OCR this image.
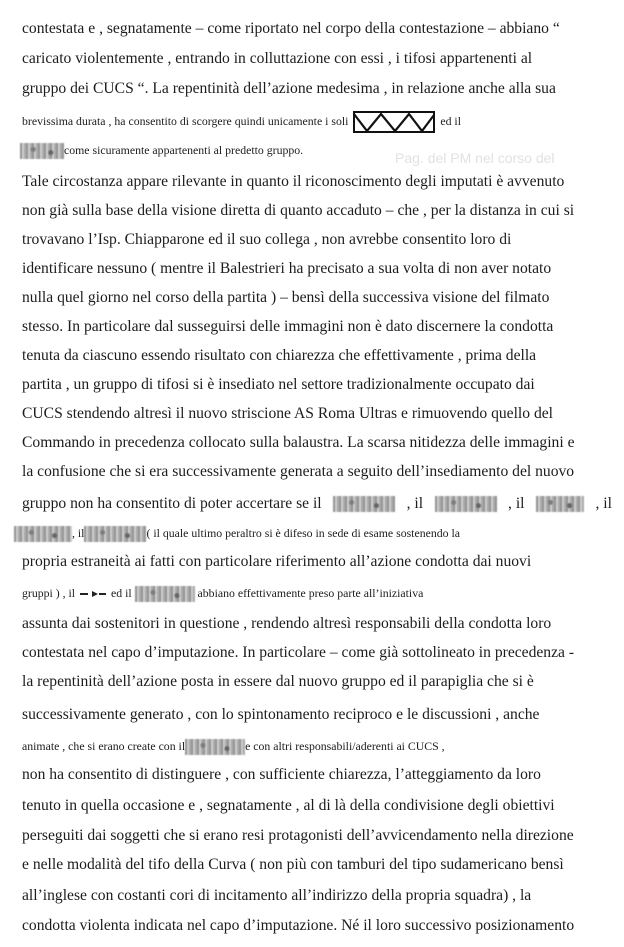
Pag. del PM nel corso del
contestata e , segnatamente – come riportato nel corpo della contestazione – abbiano “
caricato violentemente , entrando in colluttazione con essi , i tifosi appartenenti al
gruppo dei CUCS “. La repentinità dell’azione medesima , in relazione anche alla sua
brevissima durata , ha consentito di scorgere quindi unicamente i soli	ed il
come sicuramente appartenenti al predetto gruppo.
Tale circostanza appare rilevante in quanto il riconoscimento degli imputati è avvenuto
non già sulla base della visione diretta di quanto accaduto – che , per la distanza in cui si
trovavano l’Isp. Chiapparone ed il suo collega , non avrebbe consentito loro di
identificare nessuno ( mentre il Balestrieri ha precisato a sua volta di non aver notato
nulla quel giorno nel corso della partita ) – bensì della successiva visione del filmato
stesso. In particolare dal susseguirsi delle immagini non è dato discernere la condotta
tenuta da ciascuno essendo risultato con chiarezza che effettivamente , prima della
partita , un gruppo di tifosi si è insediato nel settore tradizionalmente occupato dai
CUCS stendendo altresì il nuovo striscione AS Roma Ultras e rimuovendo quello del
Commando in precedenza collocato sulla balaustra. La scarsa nitidezza delle immagini e
la confusione che si era successivamente generata a seguito dell’insediamento del nuovo
gruppo non ha consentito di poter accertare se il	, il	, il	, il
, il	( il quale ultimo peraltro si è difeso in sede di esame sostenendo la
propria estraneità ai fatti con particolare riferimento all’azione condotta dai nuovi
gruppi ) , il	ed il	abbiano effettivamente preso parte all’iniziativa
assunta dai sostenitori in questione , rendendo altresì responsabili della condotta loro
contestata nel capo d’imputazione. In particolare – come già sottolineato in precedenza -
la repentinità dell’azione posta in essere dal nuovo gruppo ed il parapiglia che si è
successivamente generato , con lo spintonamento reciproco e le discussioni , anche
animate , che si erano create con il	e con altri responsabili/aderenti ai CUCS ,
non ha consentito di distinguere , con sufficiente chiarezza, l’atteggiamento da loro
tenuto in quella occasione e , segnatamente , al di là della condivisione degli obiettivi
perseguiti dai soggetti che si erano resi protagonisti dell’avvicendamento nella direzione
e nelle modalità del tifo della Curva ( non più con tamburi del tipo sudamericano bensì
all’inglese con costanti cori di incitamento all’indirizzo della propria squadra) , la
condotta violenta indicata nel capo d’imputazione. Né il loro successivo posizionamento
